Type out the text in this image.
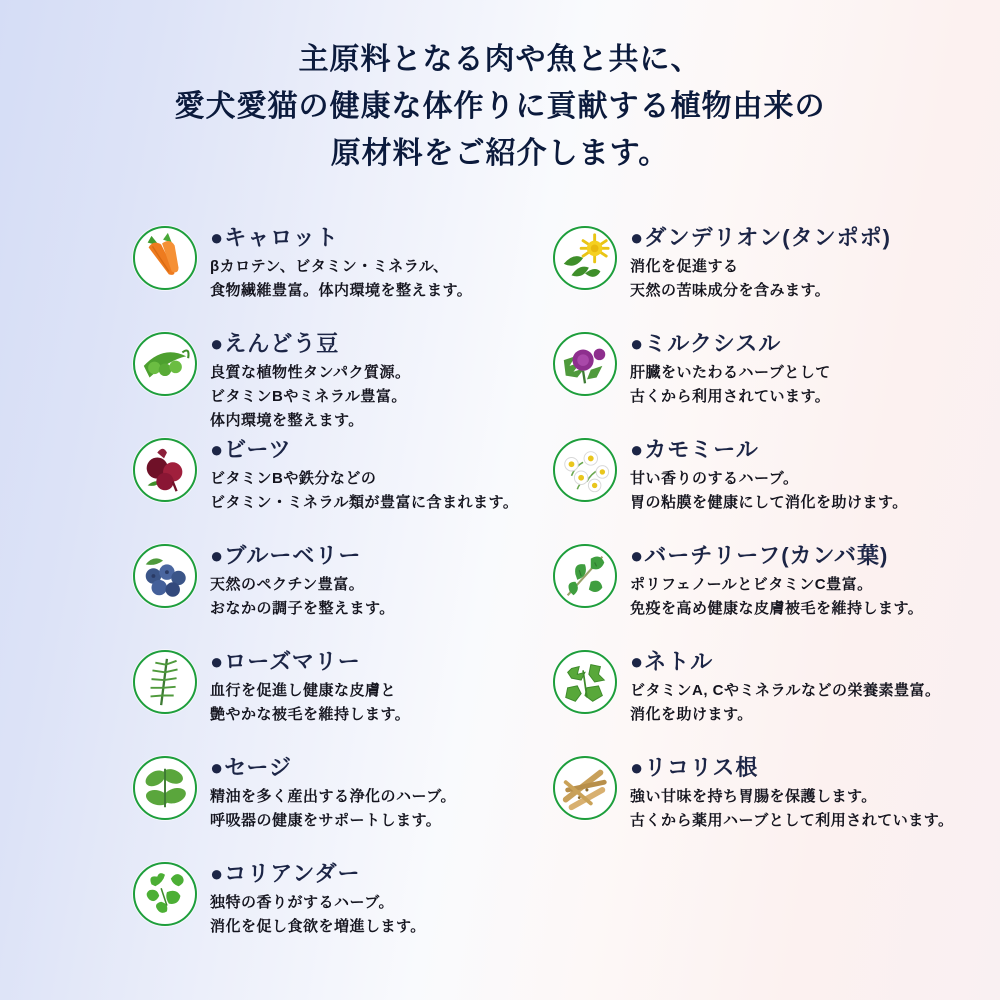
主原料となる肉や魚と共に、
愛犬愛猫の健康な体作りに貢献する植物由来の
原材料をご紹介します。
●キャロット
βカロテン、ビタミン・ミネラル、
食物繊維豊富。体内環境を整えます。
●えんどう豆
良質な植物性タンパク質源。
ビタミンBやミネラル豊富。
体内環境を整えます。
●ビーツ
ビタミンBや鉄分などの
ビタミン・ミネラル類が豊富に含まれます。
●ブルーベリー
天然のペクチン豊富。
おなかの調子を整えます。
●ローズマリー
血行を促進し健康な皮膚と
艶やかな被毛を維持します。
●セージ
精油を多く産出する浄化のハーブ。
呼吸器の健康をサポートします。
●コリアンダー
独特の香りがするハーブ。
消化を促し食欲を増進します。
●ダンデリオン(タンポポ)
消化を促進する
天然の苦味成分を含みます。
●ミルクシスル
肝臓をいたわるハーブとして
古くから利用されています。
●カモミール
甘い香りのするハーブ。
胃の粘膜を健康にして消化を助けます。
●バーチリーフ(カンバ葉)
ポリフェノールとビタミンC豊富。
免疫を高め健康な皮膚被毛を維持します。
●ネトル
ビタミンA, Cやミネラルなどの栄養素豊富。
消化を助けます。
●リコリス根
強い甘味を持ち胃腸を保護します。
古くから薬用ハーブとして利用されています。
